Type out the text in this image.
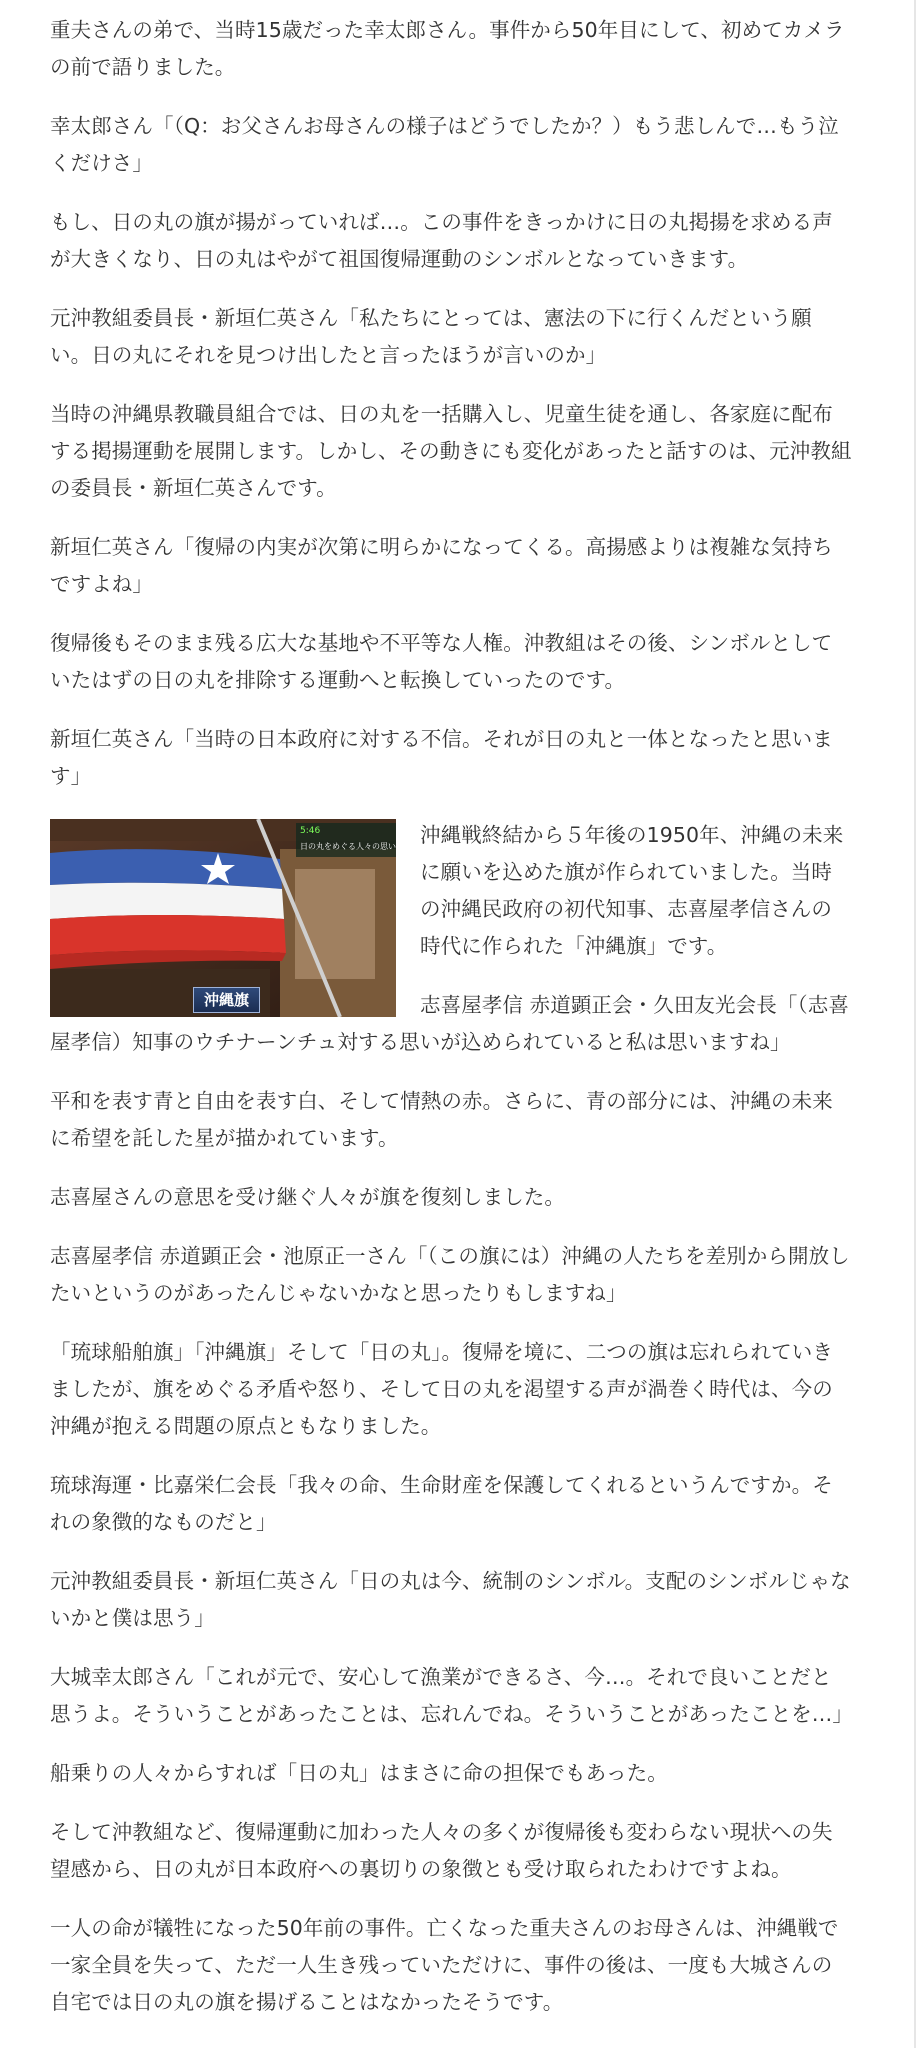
重夫さんの弟で、当時15歳だった幸太郎さん。事件から50年目にして、初めてカメラの前で語りました。

幸太郎さん「（Q：お父さんお母さんの様子はどうでしたか？）もう悲しんで…もう泣くだけさ」

もし、日の丸の旗が揚がっていれば…。この事件をきっかけに日の丸掲揚を求める声が大きくなり、日の丸はやがて祖国復帰運動のシンボルとなっていきます。

元沖教組委員長・新垣仁英さん「私たちにとっては、憲法の下に行くんだという願い。日の丸にそれを見つけ出したと言ったほうが言いのか」

当時の沖縄県教職員組合では、日の丸を一括購入し、児童生徒を通し、各家庭に配布する掲揚運動を展開します。しかし、その動きにも変化があったと話すのは、元沖教組の委員長・新垣仁英さんです。

新垣仁英さん「復帰の内実が次第に明らかになってくる。高揚感よりは複雑な気持ちですよね」

復帰後もそのまま残る広大な基地や不平等な人権。沖教組はその後、シンボルとしていたはずの日の丸を排除する運動へと転換していったのです。

新垣仁英さん「当時の日本政府に対する不信。それが日の丸と一体となったと思います」

5:46
日の丸をめぐる人々の思い
沖縄旗

沖縄戦終結から５年後の1950年、沖縄の未来に願いを込めた旗が作られていました。当時の沖縄民政府の初代知事、志喜屋孝信さんの時代に作られた「沖縄旗」です。

志喜屋孝信 赤道顕正会・久田友光会長「（志喜屋孝信）知事のウチナーンチュ対する思いが込められていると私は思いますね」

平和を表す青と自由を表す白、そして情熱の赤。さらに、青の部分には、沖縄の未来に希望を託した星が描かれています。

志喜屋さんの意思を受け継ぐ人々が旗を復刻しました。

志喜屋孝信 赤道顕正会・池原正一さん「（この旗には）沖縄の人たちを差別から開放したいというのがあったんじゃないかなと思ったりもしますね」

「琉球船舶旗」「沖縄旗」そして「日の丸」。復帰を境に、二つの旗は忘れられていきましたが、旗をめぐる矛盾や怒り、そして日の丸を渇望する声が渦巻く時代は、今の沖縄が抱える問題の原点ともなりました。

琉球海運・比嘉栄仁会長「我々の命、生命財産を保護してくれるというんですか。それの象徴的なものだと」

元沖教組委員長・新垣仁英さん「日の丸は今、統制のシンボル。支配のシンボルじゃないかと僕は思う」

大城幸太郎さん「これが元で、安心して漁業ができるさ、今…。それで良いことだと思うよ。そういうことがあったことは、忘れんでね。そういうことがあったことを…」

船乗りの人々からすれば「日の丸」はまさに命の担保でもあった。

そして沖教組など、復帰運動に加わった人々の多くが復帰後も変わらない現状への失望感から、日の丸が日本政府への裏切りの象徴とも受け取られたわけですよね。

一人の命が犠牲になった50年前の事件。亡くなった重夫さんのお母さんは、沖縄戦で一家全員を失って、ただ一人生き残っていただけに、事件の後は、一度も大城さんの自宅では日の丸の旗を揚げることはなかったそうです。
